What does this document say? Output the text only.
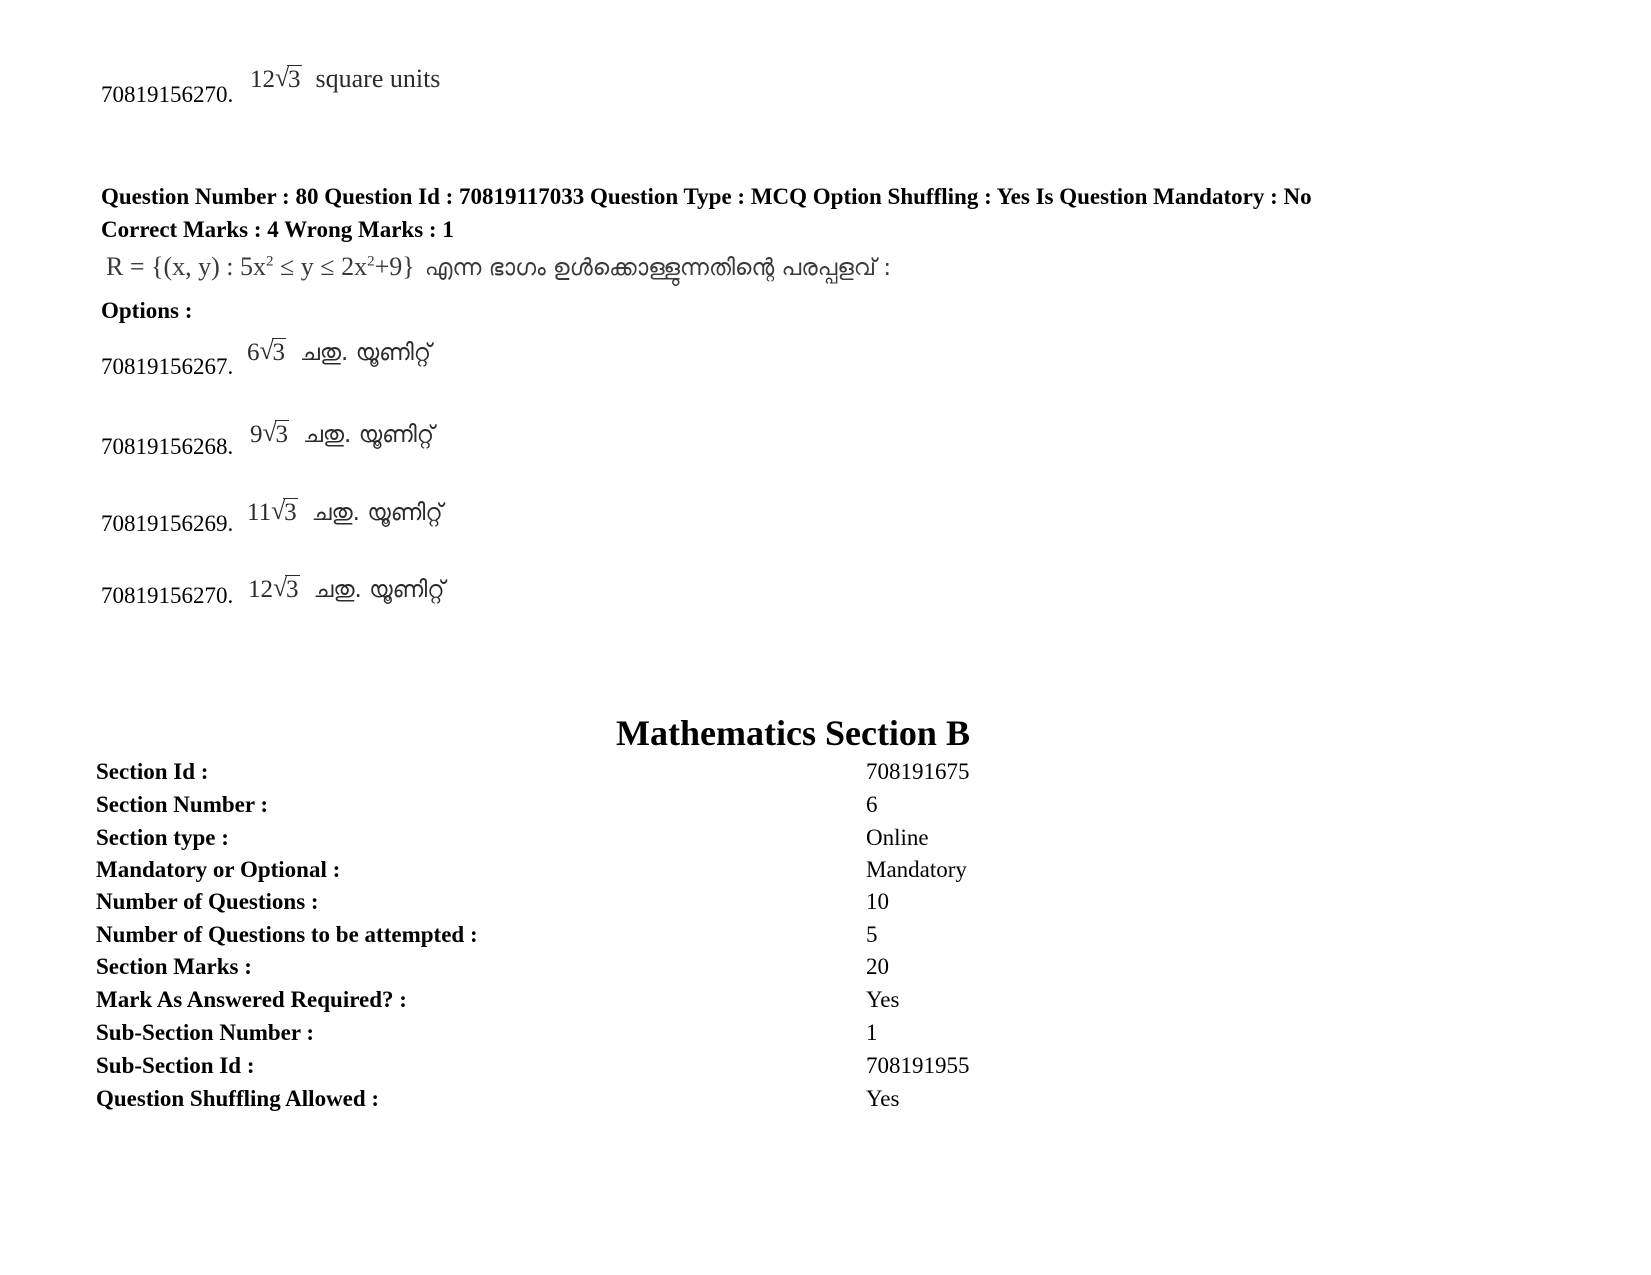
70819156270.
12 √
3 square units
Question Number : 80 Question Id : 70819117033 Question Type : MCQ Option Shuffling : Yes Is Question Mandatory : No
Correct Marks : 4 Wrong Marks : 1
R = {(x, y) : $5x^2 \le y \le 2x^2+9$} എന്ന ഭാഗം ഉൾക്കൊള്ളുന്നതിന്റെ പരപ്പളവ് :
Options :
70819156267.
6 √
3 ചതു. യൂണിറ്റ്
70819156268. 9 √
3 ചതു. യൂണിറ്റ്
70819156269. 11 √
3 ചതു. യൂണിറ്റ്
70819156270. 12 √
3 ചതു. യൂണിറ്റ്
Mathematics Section B
Section Id :	708191675
Section Number :	6
Section type :	Online
Mandatory or Optional :	Mandatory
Number of Questions :	10
Number of Questions to be attempted :	5
Section Marks :	20
Mark As Answered Required? :	Yes
Sub-Section Number :	1
Sub-Section Id :	708191955
Question Shuffling Allowed :	Yes
